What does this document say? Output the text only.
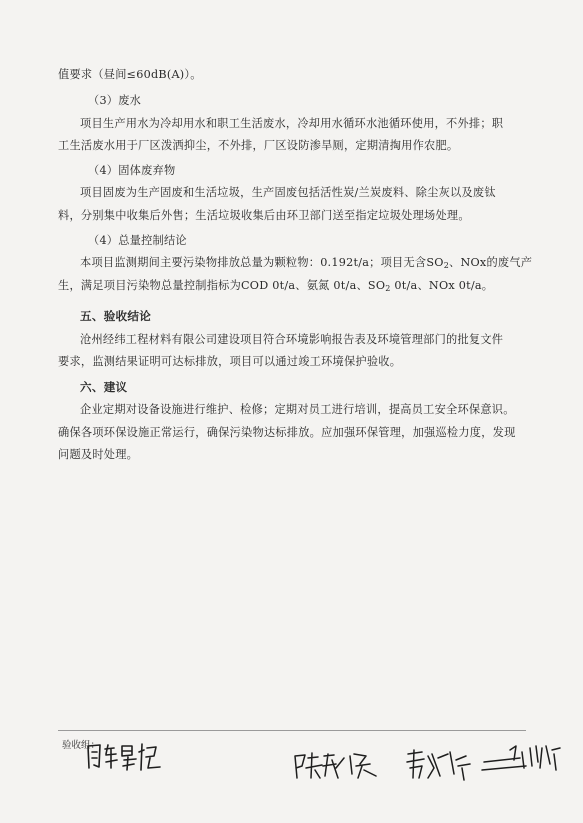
值要求（昼间≤60dB(A)）。
（3）废水
项目生产用水为冷却用水和职工生活废水，冷却用水循环水池循环使用，不外排；职
工生活废水用于厂区泼洒抑尘，不外排，厂区设防渗旱厕，定期清掏用作农肥。
（4）固体废弃物
项目固废为生产固废和生活垃圾，生产固废包括活性炭/兰炭废料、除尘灰以及废钛
料，分别集中收集后外售；生活垃圾收集后由环卫部门送至指定垃圾处理场处理。
（4）总量控制结论
本项目监测期间主要污染物排放总量为颗粒物：0.192t/a；项目无含$SO_2$、NOx的废气产
生，满足项目污染物总量控制指标为COD 0t/a、氨氮 0t/a、$SO_2$ 0t/a、NOx 0t/a。
五、验收结论
沧州经纬工程材料有限公司建设项目符合环境影响报告表及环境管理部门的批复文件
要求，监测结果证明可达标排放，项目可以通过竣工环境保护验收。
六、建议
企业定期对设备设施进行维护、检修；定期对员工进行培训，提高员工安全环保意识。
确保各项环保设施正常运行，确保污染物达标排放。应加强环保管理，加强巡检力度，发现
问题及时处理。
验收组：
